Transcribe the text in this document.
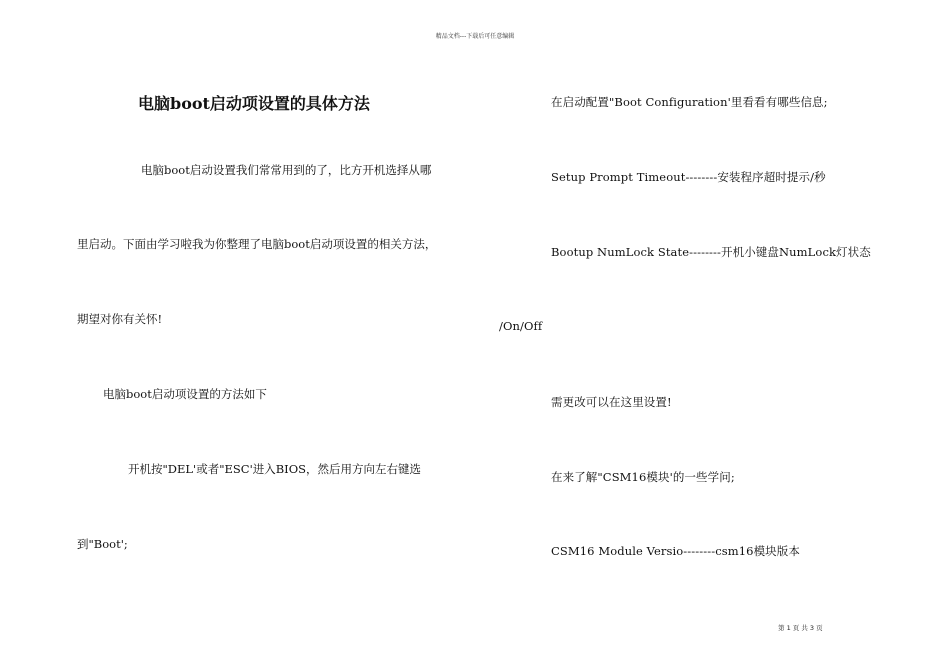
精品文档---下载后可任意编辑
电脑boot启动项设置的具体方法
电脑boot启动设置我们常常用到的了，比方开机选择从哪
里启动。下面由学习啦我为你整理了电脑boot启动项设置的相关方法，
期望对你有关怀!
电脑boot启动项设置的方法如下
开机按"DEL'或者"ESC'进入BIOS，然后用方向左右键选
到"Boot';
在启动配置"Boot Configuration'里看看有哪些信息;
Setup Prompt Timeout--------安装程序超时提示/秒
Bootup NumLock State--------开机小键盘NumLock灯状态
/On/Off
需更改可以在这里设置!
在来了解"CSM16模块'的一些学问;
CSM16 Module Versio--------csm16模块版本
第 1 页 共 3 页
